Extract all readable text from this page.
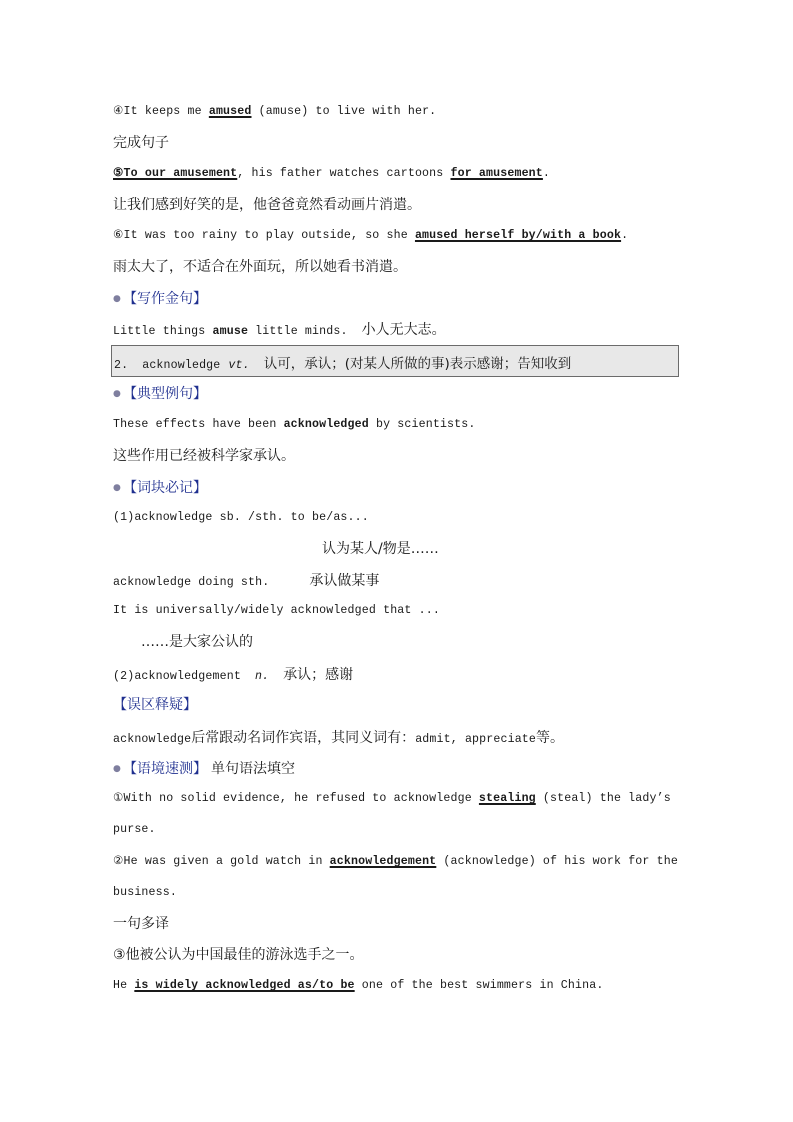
④It keeps me amused (amuse) to live with her.
完成句子
⑤To our amusement, his father watches cartoons for amusement.
让我们感到好笑的是，他爸爸竟然看动画片消遣。
⑥It was too rainy to play outside, so she amused herself by/with a book.
雨太大了，不适合在外面玩，所以她看书消遣。
● 【写作金句】
Little things amuse little minds. 小人无大志。
2. acknowledge vt. 认可，承认；(对某人所做的事)表示感谢；告知收到
● 【典型例句】
These effects have been acknowledged by scientists.
这些作用已经被科学家承认。
● 【词块必记】
(1)acknowledge sb. /sth. to be/as...
认为某人/物是……
acknowledge doing sth.	承认做某事
It is universally/widely acknowledged that ...
……是大家公认的
(2)acknowledgement n. 承认；感谢
【误区释疑】
acknowledge后常跟动名词作宾语，其同义词有：admit, appreciate等。
● 【语境速测】 单句语法填空
①With no solid evidence, he refused to acknowledge stealing (steal) the lady’s
purse.
②He was given a gold watch in acknowledgement (acknowledge) of his work for the
business.
一句多译
③他被公认为中国最佳的游泳选手之一。
He is widely acknowledged as/to be one of the best swimmers in China.
